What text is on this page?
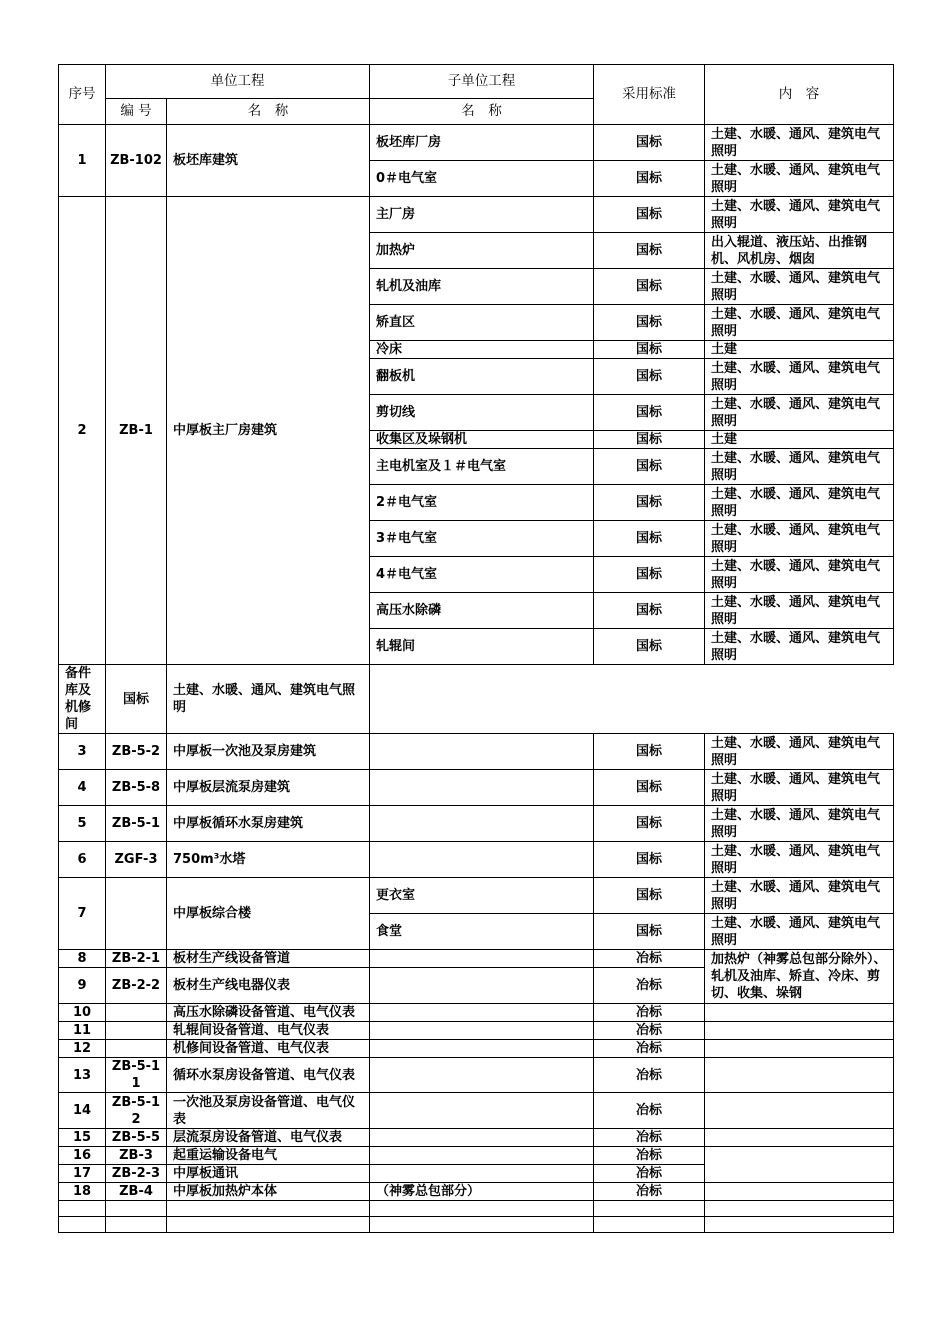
序号	单位工程		子单位工程	采用标准	内　容
	编 号	名　称	名　称		
1	ZB-102	板坯库建筑	板坯库厂房	国标	土建、水暖、通风、建筑电气照明
			0＃电气室	国标	土建、水暖、通风、建筑电气照明
2	ZB-1	中厚板主厂房建筑	主厂房	国标	土建、水暖、通风、建筑电气照明
			加热炉	国标	出入辊道、液压站、出推钢机、风机房、烟囱
			轧机及油库	国标	土建、水暖、通风、建筑电气照明
			矫直区	国标	土建、水暖、通风、建筑电气照明
			冷床	国标	土建
			翻板机	国标	土建、水暖、通风、建筑电气照明
			剪切线	国标	土建、水暖、通风、建筑电气照明
			收集区及垛钢机	国标	土建
			主电机室及１＃电气室	国标	土建、水暖、通风、建筑电气照明
			2＃电气室	国标	土建、水暖、通风、建筑电气照明
			3＃电气室	国标	土建、水暖、通风、建筑电气照明
			4＃电气室	国标	土建、水暖、通风、建筑电气照明
			高压水除磷	国标	土建、水暖、通风、建筑电气照明
			轧辊间	国标	土建、水暖、通风、建筑电气照明
备件库及机修间	国标	土建、水暖、通风、建筑电气照明			
3	ZB-5-2	中厚板一次池及泵房建筑		国标	土建、水暖、通风、建筑电气照明
4	ZB-5-8	中厚板层流泵房建筑		国标	土建、水暖、通风、建筑电气照明
5	ZB-5-1	中厚板循环水泵房建筑		国标	土建、水暖、通风、建筑电气照明
6	ZGF-3	750m³水塔		国标	土建、水暖、通风、建筑电气照明
7		中厚板综合楼	更衣室	国标	土建、水暖、通风、建筑电气照明
			食堂	国标	土建、水暖、通风、建筑电气照明
8	ZB-2-1	板材生产线设备管道		冶标	加热炉（神雾总包部分除外）、轧机及油库、矫直、冷床、剪切、收集、垛钢
9	ZB-2-2	板材生产线电器仪表		冶标	
10		高压水除磷设备管道、电气仪表		冶标	
11		轧辊间设备管道、电气仪表		冶标	
12		机修间设备管道、电气仪表		冶标	
13	ZB-5-11	循环水泵房设备管道、电气仪表		冶标	
14	ZB-5-12	一次池及泵房设备管道、电气仪表		冶标	
15	ZB-5-5	层流泵房设备管道、电气仪表		冶标	
16	ZB-3	起重运输设备电气		冶标	
17	ZB-2-3	中厚板通讯		冶标	
18	ZB-4	中厚板加热炉本体	（神雾总包部分）	冶标	
